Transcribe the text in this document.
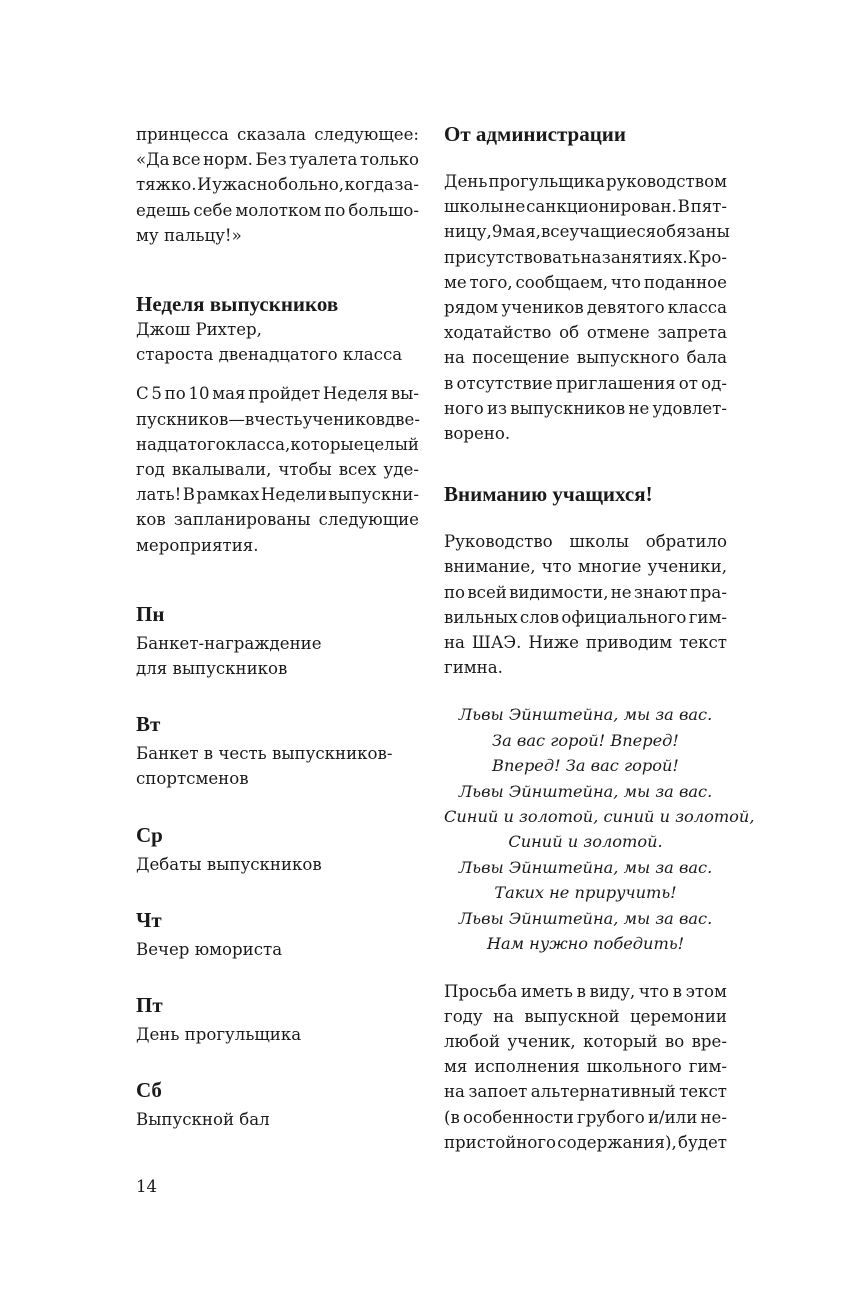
принцесса сказала следующее:
«Да все норм. Без туалета только
тяжко. И ужасно больно, когда за-
едешь себе молотком по большо-
му пальцу!»
Неделя выпускников
Джош Рихтер,
староста двенадцатого класса
С 5 по 10 мая пройдет Неделя вы-
пускников — в честь учеников две-
надцатого класса, которые целый
год вкалывали, чтобы всех уде-
лать! В рамках Недели выпускни-
ков запланированы следующие
мероприятия.
Пн
Банкет-награждение
для выпускников
Вт
Банкет в честь выпускников-
спортсменов
Ср
Дебаты выпускников
Чт
Вечер юмориста
Пт
День прогульщика
Сб
Выпускной бал
От администрации
День прогульщика руководством
школы не санкционирован. В пят-
ницу, 9 мая, все учащиеся обязаны
присутствовать на занятиях. Кро-
ме того, сообщаем, что поданное
рядом учеников девятого класса
ходатайство об отмене запрета
на посещение выпускного бала
в отсутствие приглашения от од-
ного из выпускников не удовлет-
ворено.
Вниманию учащихся!
Руководство школы обратило
внимание, что многие ученики,
по всей видимости, не знают пра-
вильных слов официального гим-
на ШАЭ. Ниже приводим текст
гимна.
Львы Эйнштейна, мы за вас.
За вас горой! Вперед!
Вперед! За вас горой!
Львы Эйнштейна, мы за вас.
Синий и золотой, синий и золотой,
Синий и золотой.
Львы Эйнштейна, мы за вас.
Таких не приручить!
Львы Эйнштейна, мы за вас.
Нам нужно победить!
Просьба иметь в виду, что в этом
году на выпускной церемонии
любой ученик, который во вре-
мя исполнения школьного гим-
на запоет альтернативный текст
(в особенности грубого и/или не-
пристойного содержания), будет
14
